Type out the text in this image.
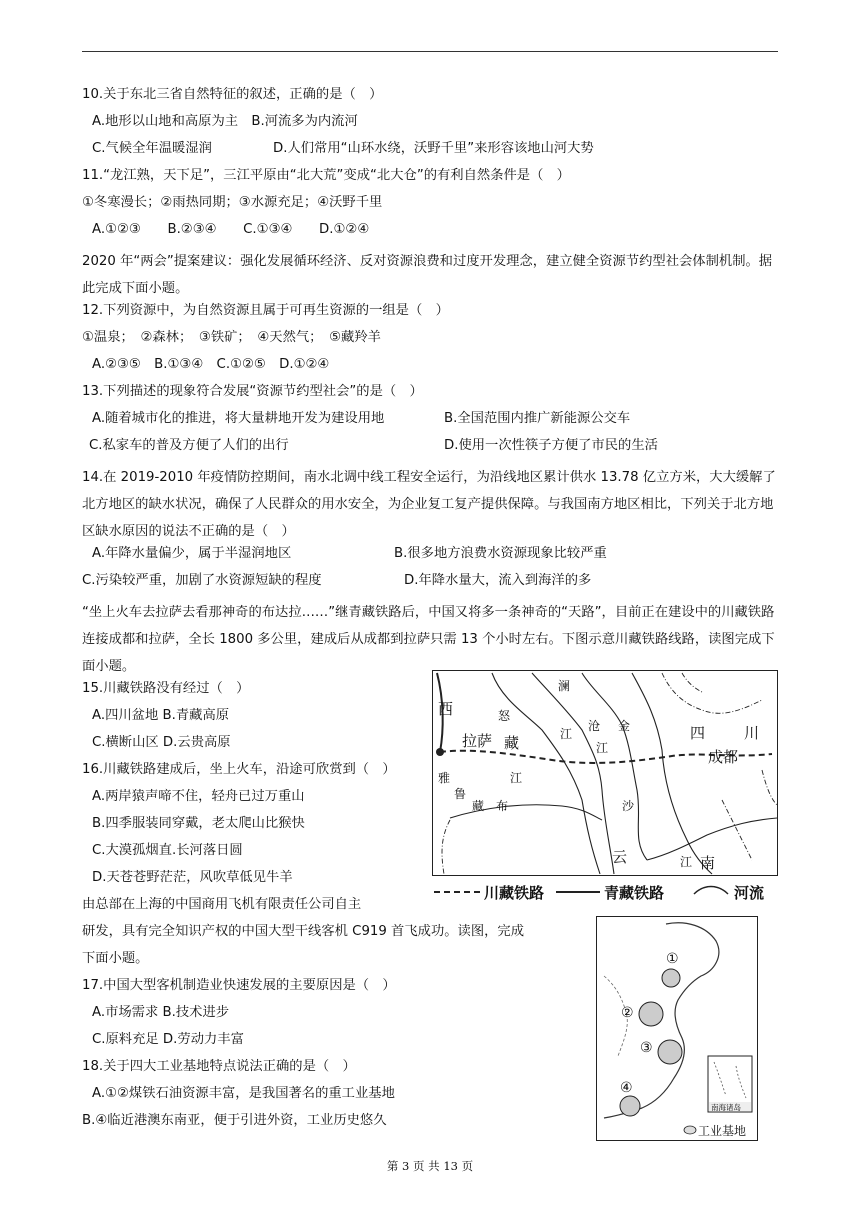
10.关于东北三省自然特征的叙述，正确的是（　）
A.地形以山地和高原为主　B.河流多为内流河
C.气候全年温暖湿润	D.人们常用“山环水绕，沃野千里”来形容该地山河大势
11.“龙江熟，天下足”，三江平原由“北大荒”变成“北大仓”的有利自然条件是（　）
①冬寒漫长；②雨热同期；③水源充足；④沃野千里
A.①②③　　B.②③④　　C.①③④　　D.①②④
2020 年“两会”提案建议：强化发展循环经济、反对资源浪费和过度开发理念，建立健全资源节约型社会体制机制。据此完成下面小题。
12.下列资源中，为自然资源且属于可再生资源的一组是（　）
①温泉；　②森林；　③铁矿；　④天然气；　⑤藏羚羊
A.②③⑤　B.①③④　C.①②⑤　D.①②④
13.下列描述的现象符合发展“资源节约型社会”的是（　）
A.随着城市化的推进，将大量耕地开发为建设用地	B.全国范围内推广新能源公交车
C.私家车的普及方便了人们的出行	D.使用一次性筷子方便了市民的生活
14.在 2019-2010 年疫情防控期间，南水北调中线工程安全运行，为沿线地区累计供水 13.78 亿立方米，大大缓解了北方地区的缺水状况，确保了人民群众的用水安全，为企业复工复产提供保障。与我国南方地区相比，下列关于北方地区缺水原因的说法不正确的是（　）
A.年降水量偏少，属于半湿润地区	B.很多地方浪费水资源现象比较严重
C.污染较严重，加剧了水资源短缺的程度	D.年降水量大，流入到海洋的多
“坐上火车去拉萨去看那神奇的布达拉……”继青藏铁路后，中国又将多一条神奇的“天路”，目前正在建设中的川藏铁路连接成都和拉萨，全长 1800 多公里，建成后从成都到拉萨只需 13 个小时左右。下图示意川藏铁路线路，读图完成下面小题。
15.川藏铁路没有经过（　）
A.四川盆地 B.青藏高原
C.横断山区 D.云贵高原
16.川藏铁路建成后，坐上火车，沿途可欣赏到（　）
A.两岸猿声啼不住，轻舟已过万重山
B.四季服装同穿戴，老太爬山比猴快
C.大漠孤烟直.长河落日圆
D.天苍苍野茫茫，风吹草低见牛羊
由总部在上海的中国商用飞机有限责任公司自主
研发，具有完全知识产权的中国大型干线客机 C919 首飞成功。读图，完成
下面小题。
17.中国大型客机制造业快速发展的主要原因是（　）
A.市场需求 B.技术进步
C.原料充足 D.劳动力丰富
18.关于四大工业基地特点说法正确的是（　）
A.①②煤铁石油资源丰富，是我国著名的重工业基地
B.④临近港澳东南亚，便于引进外资，工业历史悠久
西
拉萨 藏
四	川
成都
云	南
澜
怒
沧 金
江
江
江
江
雅
鲁
藏 布	沙
川藏铁路	青藏铁路	河流
①
②
③
④
南海诸岛
工业基地
第 3 页 共 13 页
